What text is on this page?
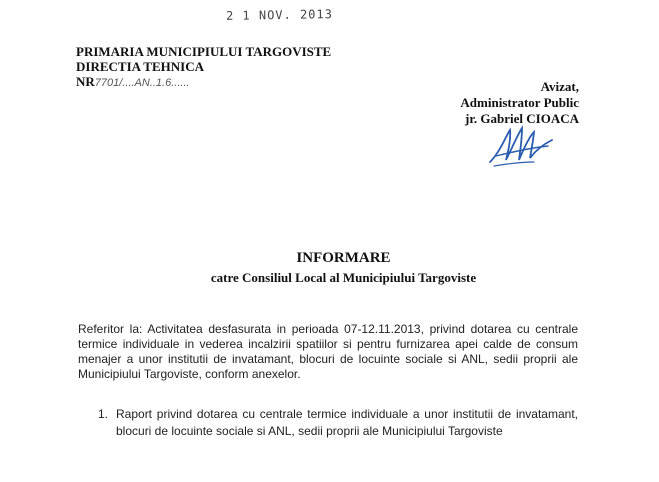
2 1 NOV. 2013
PRIMARIA MUNICIPIULUI TARGOVISTE
DIRECTIA TEHNICA
NR7701/....AN..1.6......	Avizat,
Administrator Public
jr. Gabriel CIOACA
INFORMARE
catre Consiliul Local al Municipiului Targoviste
Referitor la: Activitatea desfasurata in perioada 07-12.11.2013, privind dotarea cu centrale termice individuale in vederea incalzirii spatiilor si pentru furnizarea apei calde de consum menajer a unor institutii de invatamant, blocuri de locuinte sociale si ANL, sedii proprii ale Municipiului Targoviste, conform anexelor.
1. Raport privind dotarea cu centrale termice individuale a unor institutii de invatamant, blocuri de locuinte sociale si ANL, sedii proprii ale Municipiului Targoviste
